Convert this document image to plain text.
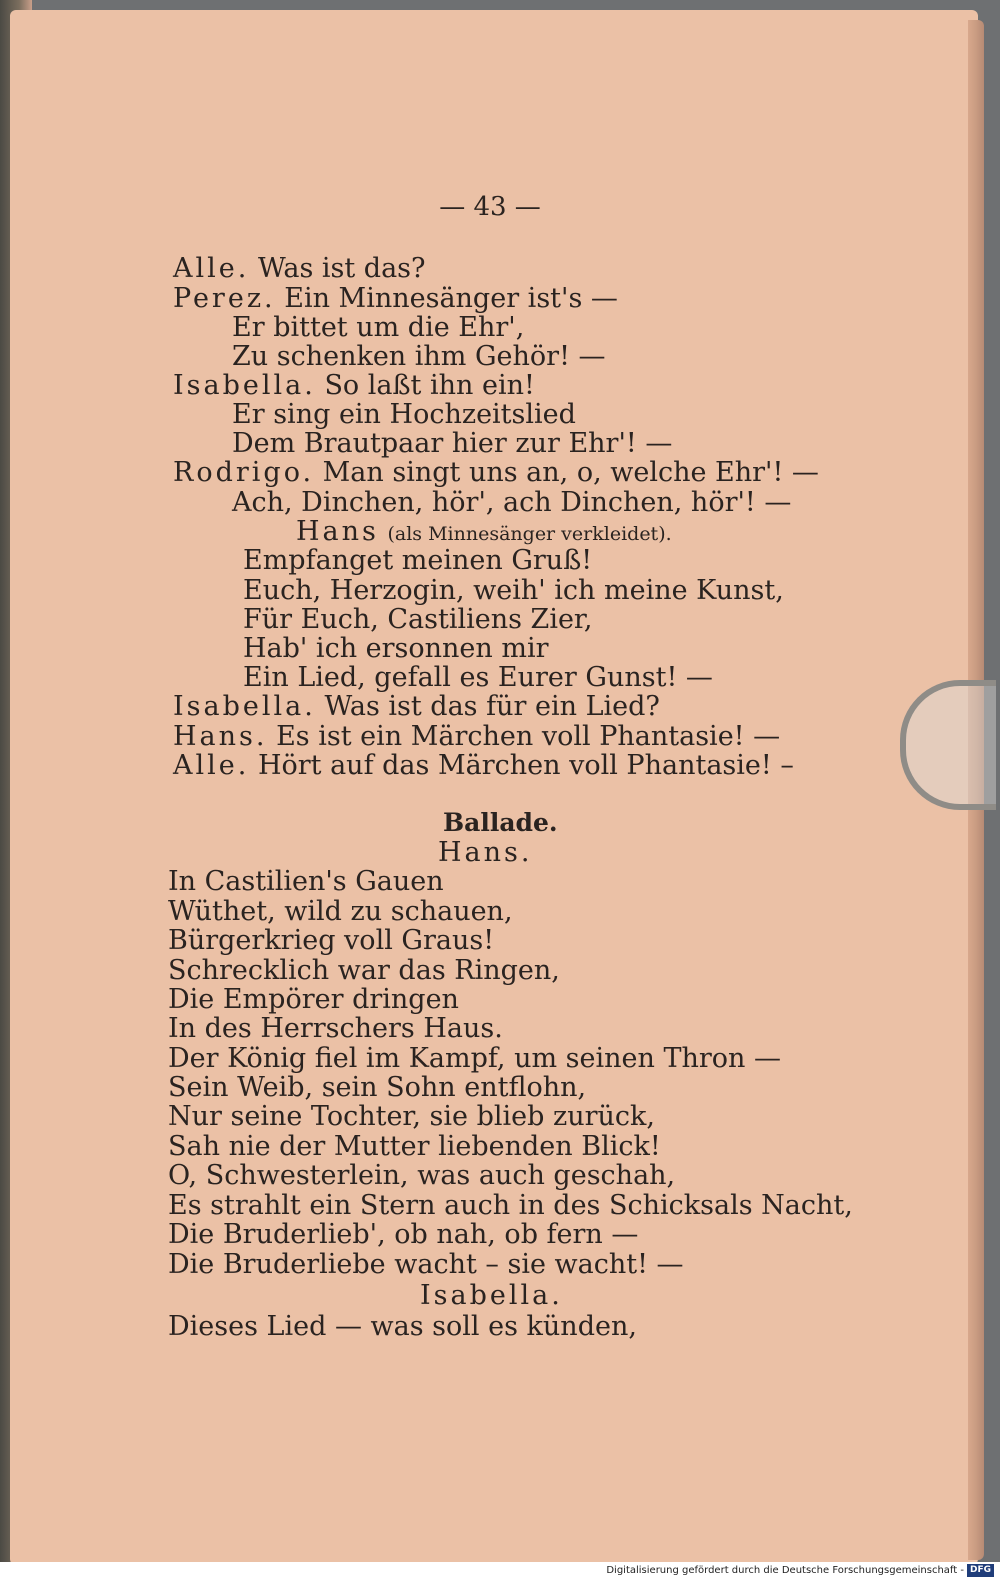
— 43 —
Alle. Was ist das?
Perez. Ein Minnesänger ist's —
Er bittet um die Ehr',
Zu schenken ihm Gehör! —
Isabella. So laßt ihn ein!
Er sing ein Hochzeitslied
Dem Brautpaar hier zur Ehr'! —
Rodrigo. Man singt uns an, o, welche Ehr'! —
Ach, Dinchen, hör', ach Dinchen, hör'! —
Hans (als Minnesänger verkleidet).
Empfanget meinen Gruß!
Euch, Herzogin, weih' ich meine Kunst,
Für Euch, Castiliens Zier,
Hab' ich ersonnen mir
Ein Lied, gefall es Eurer Gunst! —
Isabella. Was ist das für ein Lied?
Hans. Es ist ein Märchen voll Phantasie! —
Alle. Hört auf das Märchen voll Phantasie! –
Ballade.
Hans.
In Castilien's Gauen
Wüthet, wild zu schauen,
Bürgerkrieg voll Graus!
Schrecklich war das Ringen,
Die Empörer dringen
In des Herrschers Haus.
Der König fiel im Kampf, um seinen Thron —
Sein Weib, sein Sohn entflohn,
Nur seine Tochter, sie blieb zurück,
Sah nie der Mutter liebenden Blick!
O, Schwesterlein, was auch geschah,
Es strahlt ein Stern auch in des Schicksals Nacht,
Die Bruderlieb', ob nah, ob fern —
Die Bruderliebe wacht – sie wacht! —
Isabella.
Dieses Lied — was soll es künden,
Digitalisierung gefördert durch die Deutsche Forschungsgemeinschaft - DFG
